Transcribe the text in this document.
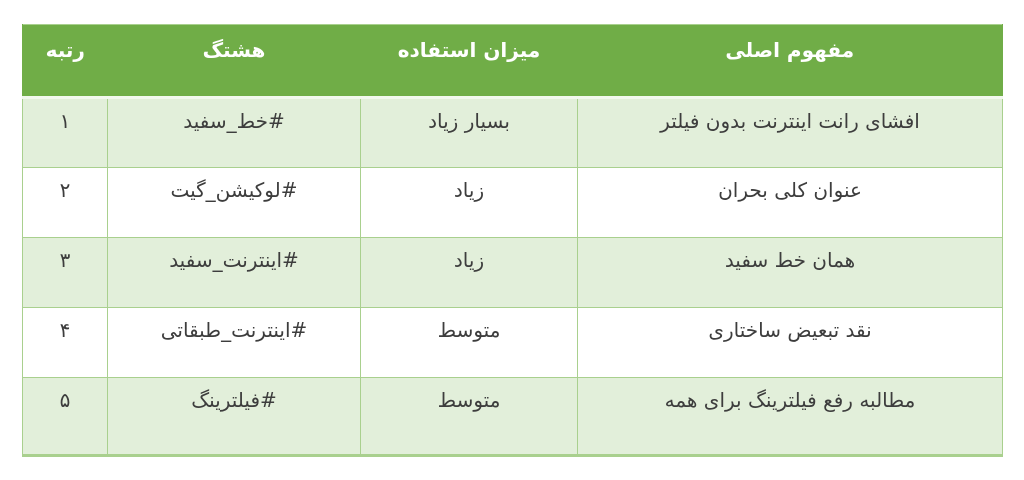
مفهوم اصلی	میزان استفاده	هشتگ	رتبه
افشای رانت اینترنت بدون فیلتر	بسیار زیاد	#خط_سفید	۱
عنوان کلی بحران	زیاد	#لوکیشن_گیت	۲
همان خط سفید	زیاد	#اینترنت_سفید	۳
نقد تبعیض ساختاری	متوسط	#اینترنت_طبقاتی	۴
مطالبه رفع فیلترینگ برای همه	متوسط	#فیلترینگ	۵
